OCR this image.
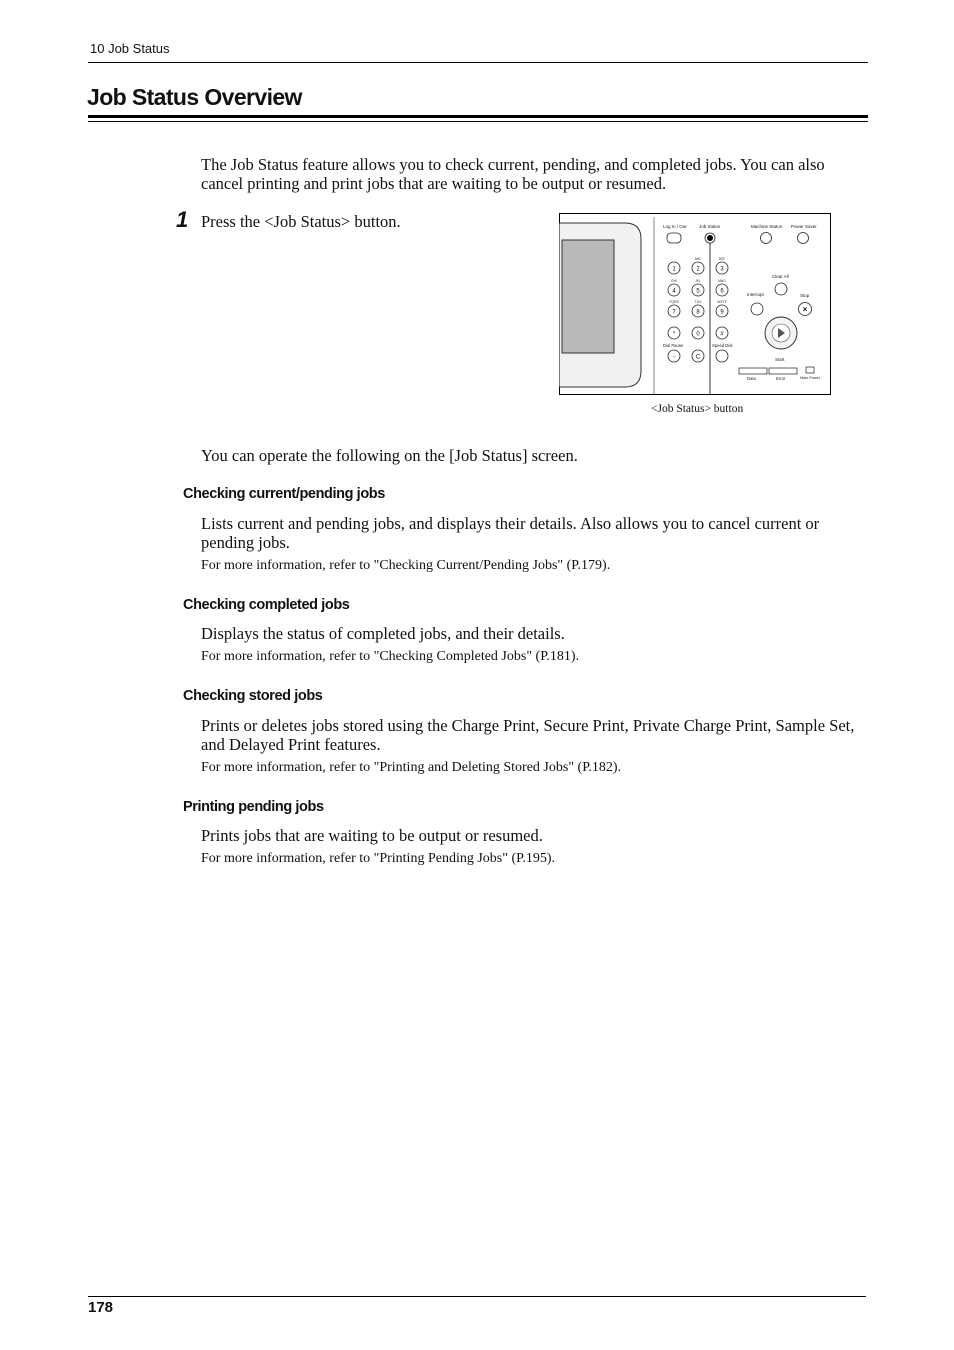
10 Job Status
Job Status Overview
The Job Status feature allows you to check current, pending, and completed jobs. You can also cancel printing and print jobs that are waiting to be output or resumed.
1 Press the <Job Status> button.	Log In / Out	Job Status	Machine Status Power Saver
1	2	3
4	5	6
7	8	9
*	0	#
-	C
ABC	DEF
GHI	JKL	MNO
PQRS	TUV	WXYZ
Dial Pause	Speed Dial
Clear All
Interrupt	Stop
×
Start
Data	Error	Main Power
<Job Status> button
You can operate the following on the [Job Status] screen.
Checking current/pending jobs
Lists current and pending jobs, and displays their details. Also allows you to cancel current or pending jobs.
For more information, refer to "Checking Current/Pending Jobs" (P.179).
Checking completed jobs
Displays the status of completed jobs, and their details.
For more information, refer to "Checking Completed Jobs" (P.181).
Checking stored jobs
Prints or deletes jobs stored using the Charge Print, Secure Print, Private Charge Print, Sample Set, and Delayed Print features.
For more information, refer to "Printing and Deleting Stored Jobs" (P.182).
Printing pending jobs
Prints jobs that are waiting to be output or resumed.
For more information, refer to "Printing Pending Jobs" (P.195).
178
